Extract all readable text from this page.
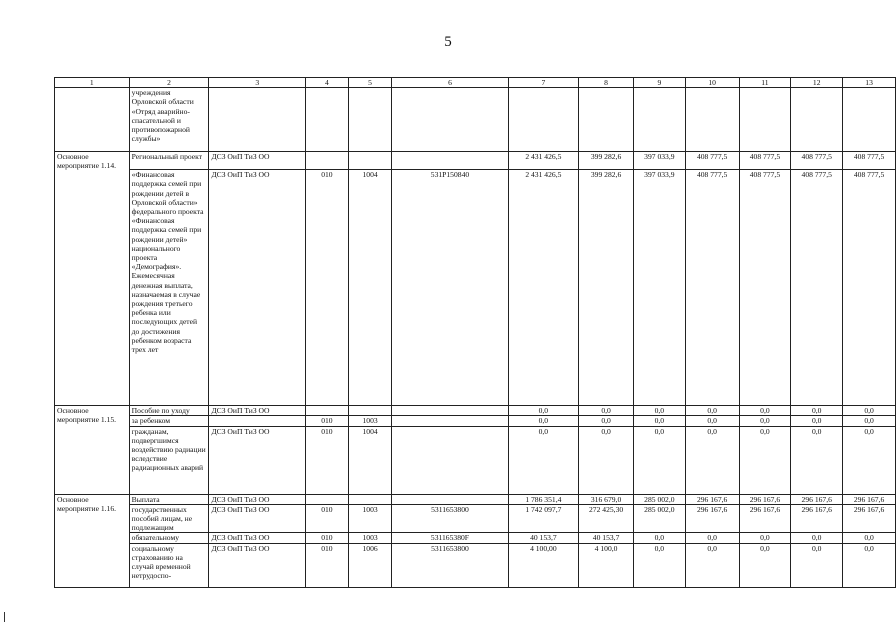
5
1	2	3	4	5	6	7	8	9	10	11	12	13
	учреждения Орловской области «Отряд аварийно-спасательной и противопожарной службы»											
Основное мероприятие 1.14.	Региональный проект	ДСЗ ОиП ТиЗ ОО				2 431 426,5	399 282,6	397 033,9	408 777,5	408 777,5	408 777,5	408 777,5
	«Финансовая поддержка семей при рождении детей в Орловской области» федерального проекта «Финансовая поддержка семей при рождении детей» национального проекта «Демография». Ежемесячная денежная выплата, назначаемая в случае рождения третьего ребенка или последующих детей до достижения ребенком возраста трех лет	ДСЗ ОиП ТиЗ ОО	010	1004	531P150840	2 431 426,5	399 282,6	397 033,9	408 777,5	408 777,5	408 777,5	408 777,5
Основное мероприятие 1.15.	Пособие по уходу	ДСЗ ОиП ТиЗ ОО				0,0	0,0	0,0	0,0	0,0	0,0	0,0
	за ребенком		010	1003		0,0	0,0	0,0	0,0	0,0	0,0	0,0
	гражданам, подвергшимся воздействию радиации вследствие радиационных аварий	ДСЗ ОиП ТиЗ ОО	010	1004		0,0	0,0	0,0	0,0	0,0	0,0	0,0
Основное мероприятие 1.16.	Выплата	ДСЗ ОиП ТиЗ ОО				1 786 351,4	316 679,0	285 002,0	296 167,6	296 167,6	296 167,6	296 167,6
	государственных пособий лицам, не подлежащим	ДСЗ ОиП ТиЗ ОО	010	1003	5311653800	1 742 097,7	272 425,30	285 002,0	296 167,6	296 167,6	296 167,6	296 167,6
	обязательному	ДСЗ ОиП ТиЗ ОО	010	1003	531165380F	40 153,7	40 153,7	0,0	0,0	0,0	0,0	0,0
	социальному страхованию на случай временной нетрудоспо-	ДСЗ ОиП ТиЗ ОО	010	1006	5311653800	4 100,00	4 100,0	0,0	0,0	0,0	0,0	0,0
